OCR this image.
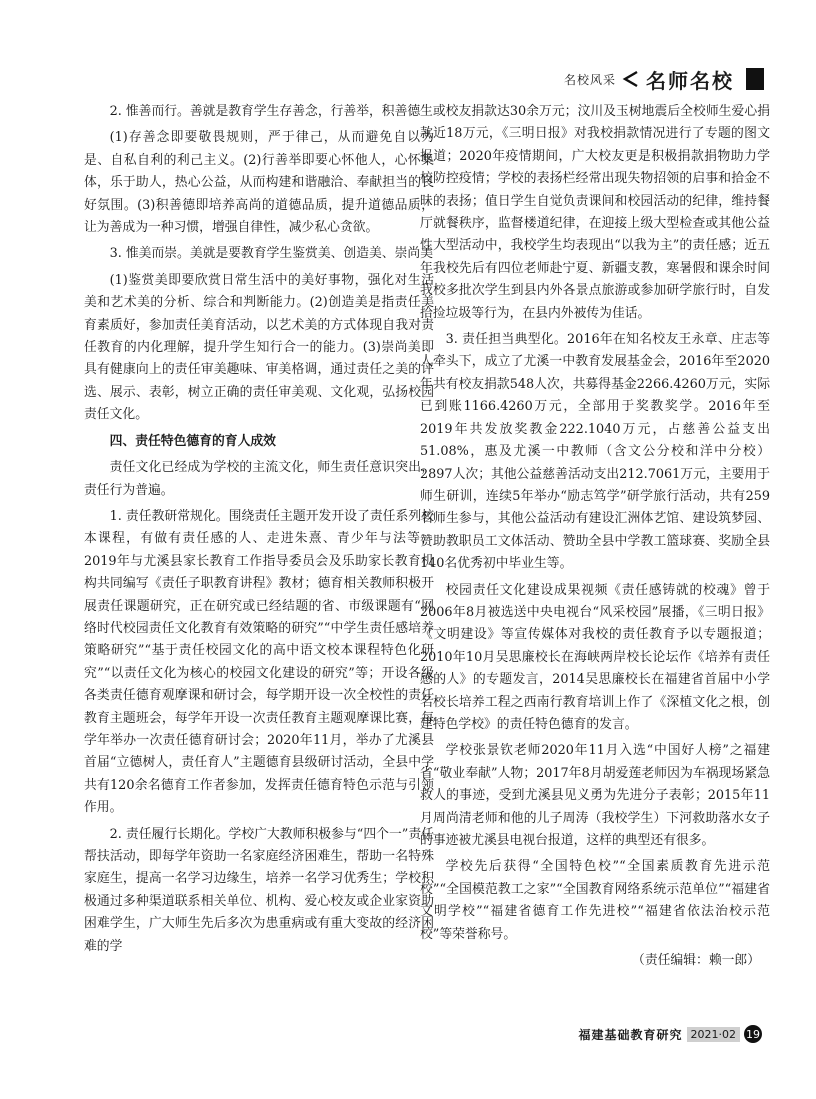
名校风采 名师名校

2. 惟善而行。善就是教育学生存善念，行善举，积善德

(1)存善念即要敬畏规则，严于律己，从而避免自以为是、自私自利的利己主义。(2)行善举即要心怀他人，心怀集体，乐于助人，热心公益，从而构建和谐融洽、奉献担当的良好氛围。(3)积善德即培养高尚的道德品质，提升道德品质，让为善成为一种习惯，增强自律性，减少私心贪欲。

3. 惟美而崇。美就是要教育学生鉴赏美、创造美、崇尚美

(1)鉴赏美即要欣赏日常生活中的美好事物，强化对生活美和艺术美的分析、综合和判断能力。(2)创造美是指责任美育素质好，参加责任美育活动，以艺术美的方式体现自我对责任教育的内化理解，提升学生知行合一的能力。(3)崇尚美即具有健康向上的责任审美趣味、审美格调，通过责任之美的评选、展示、表彰，树立正确的责任审美观、文化观，弘扬校园责任文化。

四、责任特色德育的育人成效

责任文化已经成为学校的主流文化，师生责任意识突出，责任行为普遍。

1. 责任教研常规化。围绕责任主题开发开设了责任系列校本课程，有做有责任感的人、走进朱熹、青少年与法等，2019年与尤溪县家长教育工作指导委员会及乐助家长教育机构共同编写《责任子职教育讲程》教材；德育相关教师积极开展责任课题研究，正在研究或已经结题的省、市级课题有“网络时代校园责任文化教育有效策略的研究”“中学生责任感培养策略研究”“基于责任校园文化的高中语文校本课程特色化研究”“以责任文化为核心的校园文化建设的研究”等；开设各级各类责任德育观摩课和研讨会，每学期开设一次全校性的责任教育主题班会，每学年开设一次责任教育主题观摩课比赛，每学年举办一次责任德育研讨会；2020年11月，举办了尤溪县首届“立德树人，责任育人”主题德育县级研讨活动，全县中学共有120余名德育工作者参加，发挥责任德育特色示范与引领作用。

2. 责任履行长期化。学校广大教师积极参与“四个一”责任帮扶活动，即每学年资助一名家庭经济困难生，帮助一名特殊家庭生，提高一名学习边缘生，培养一名学习优秀生；学校积极通过多种渠道联系相关单位、机构、爱心校友或企业家资助困难学生，广大师生先后多次为患重病或有重大变故的经济困难的学

生或校友捐款达30余万元；汶川及玉树地震后全校师生爱心捐款近18万元，《三明日报》对我校捐款情况进行了专题的图文报道；2020年疫情期间，广大校友更是积极捐款捐物助力学校防控疫情；学校的表扬栏经常出现失物招领的启事和拾金不昧的表扬；值日学生自觉负责课间和校园活动的纪律，维持餐厅就餐秩序，监督楼道纪律，在迎接上级大型检查或其他公益性大型活动中，我校学生均表现出“以我为主”的责任感；近五年我校先后有四位老师赴宁夏、新疆支教，寒暑假和课余时间我校多批次学生到县内外各景点旅游或参加研学旅行时，自发拾捡垃圾等行为，在县内外被传为佳话。

3. 责任担当典型化。2016年在知名校友王永章、庄志等人牵头下，成立了尤溪一中教育发展基金会，2016年至2020年共有校友捐款548人次，共募得基金2266.4260万元，实际已到账1166.4260万元，全部用于奖教奖学。2016年至2019年共发放奖教金222.1040万元，占慈善公益支出51.08%，惠及尤溪一中教师（含文公分校和洋中分校）2897人次；其他公益慈善活动支出212.7061万元，主要用于师生研训，连续5年举办“励志笃学”研学旅行活动，共有259名师生参与，其他公益活动有建设汇洲体艺馆、建设筑梦园、赞助教职员工文体活动、赞助全县中学教工篮球赛、奖励全县140名优秀初中毕业生等。

校园责任文化建设成果视频《责任感铸就的校魂》曾于2006年8月被选送中央电视台“风采校园”展播，《三明日报》《文明建设》等宣传媒体对我校的责任教育予以专题报道；2010年10月吴思廉校长在海峡两岸校长论坛作《培养有责任感的人》的专题发言，2014吴思廉校长在福建省首届中小学名校长培养工程之西南行教育培训上作了《深植文化之根，创建特色学校》的责任特色德育的发言。

学校张景钦老师2020年11月入选“中国好人榜”之福建省“敬业奉献”人物；2017年8月胡爱莲老师因为车祸现场紧急救人的事迹，受到尤溪县见义勇为先进分子表彰；2015年11月周尚清老师和他的儿子周涛（我校学生）下河救助落水女子的事迹被尤溪县电视台报道，这样的典型还有很多。

学校先后获得“全国特色校”“全国素质教育先进示范校”“全国模范教工之家”“全国教育网络系统示范单位”“福建省文明学校”“福建省德育工作先进校”“福建省依法治校示范校”等荣誉称号。

（责任编辑：赖一郎）

福建基础教育研究 2021·02 19
